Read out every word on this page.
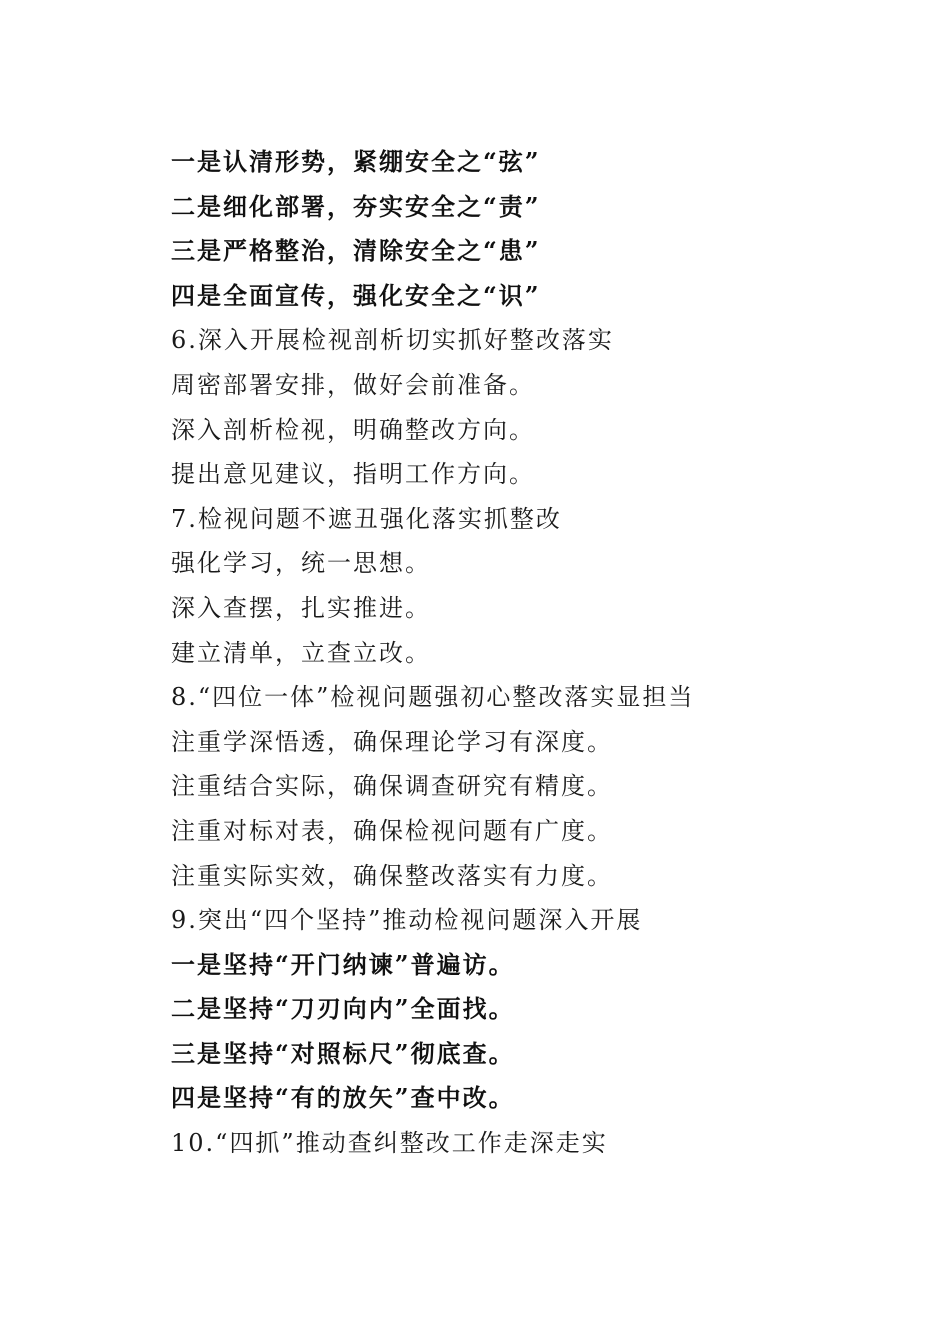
一是认清形势，紧绷安全之“弦”
二是细化部署，夯实安全之“责”
三是严格整治，清除安全之“患”
四是全面宣传，强化安全之“识”
6.深入开展检视剖析切实抓好整改落实
周密部署安排，做好会前准备。
深入剖析检视，明确整改方向。
提出意见建议，指明工作方向。
7.检视问题不遮丑强化落实抓整改
强化学习，统一思想。
深入查摆，扎实推进。
建立清单，立查立改。
8.“四位一体”检视问题强初心整改落实显担当
注重学深悟透，确保理论学习有深度。
注重结合实际，确保调查研究有精度。
注重对标对表，确保检视问题有广度。
注重实际实效，确保整改落实有力度。
9.突出“四个坚持”推动检视问题深入开展
一是坚持“开门纳谏”普遍访。
二是坚持“刀刃向内”全面找。
三是坚持“对照标尺”彻底查。
四是坚持“有的放矢”查中改。
10.“四抓”推动查纠整改工作走深走实
